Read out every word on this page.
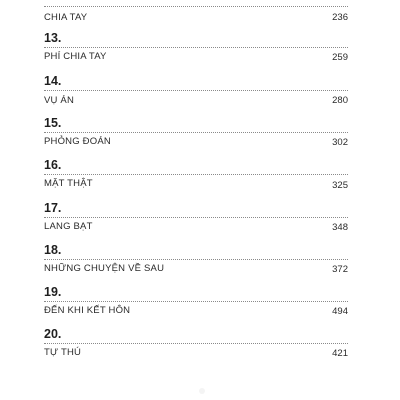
CHIA TAY	236
13.
PHÍ CHIA TAY	259
14.
VỤ ÁN	280
15.
PHỎNG ĐOÁN	302
16.
MẶT THẬT	325
17.
LANG BẠT	348
18.
NHỮNG CHUYỆN VỀ SAU	372
19.
ĐẾN KHI KẾT HÔN	494
20.
TỰ THÚ	421
